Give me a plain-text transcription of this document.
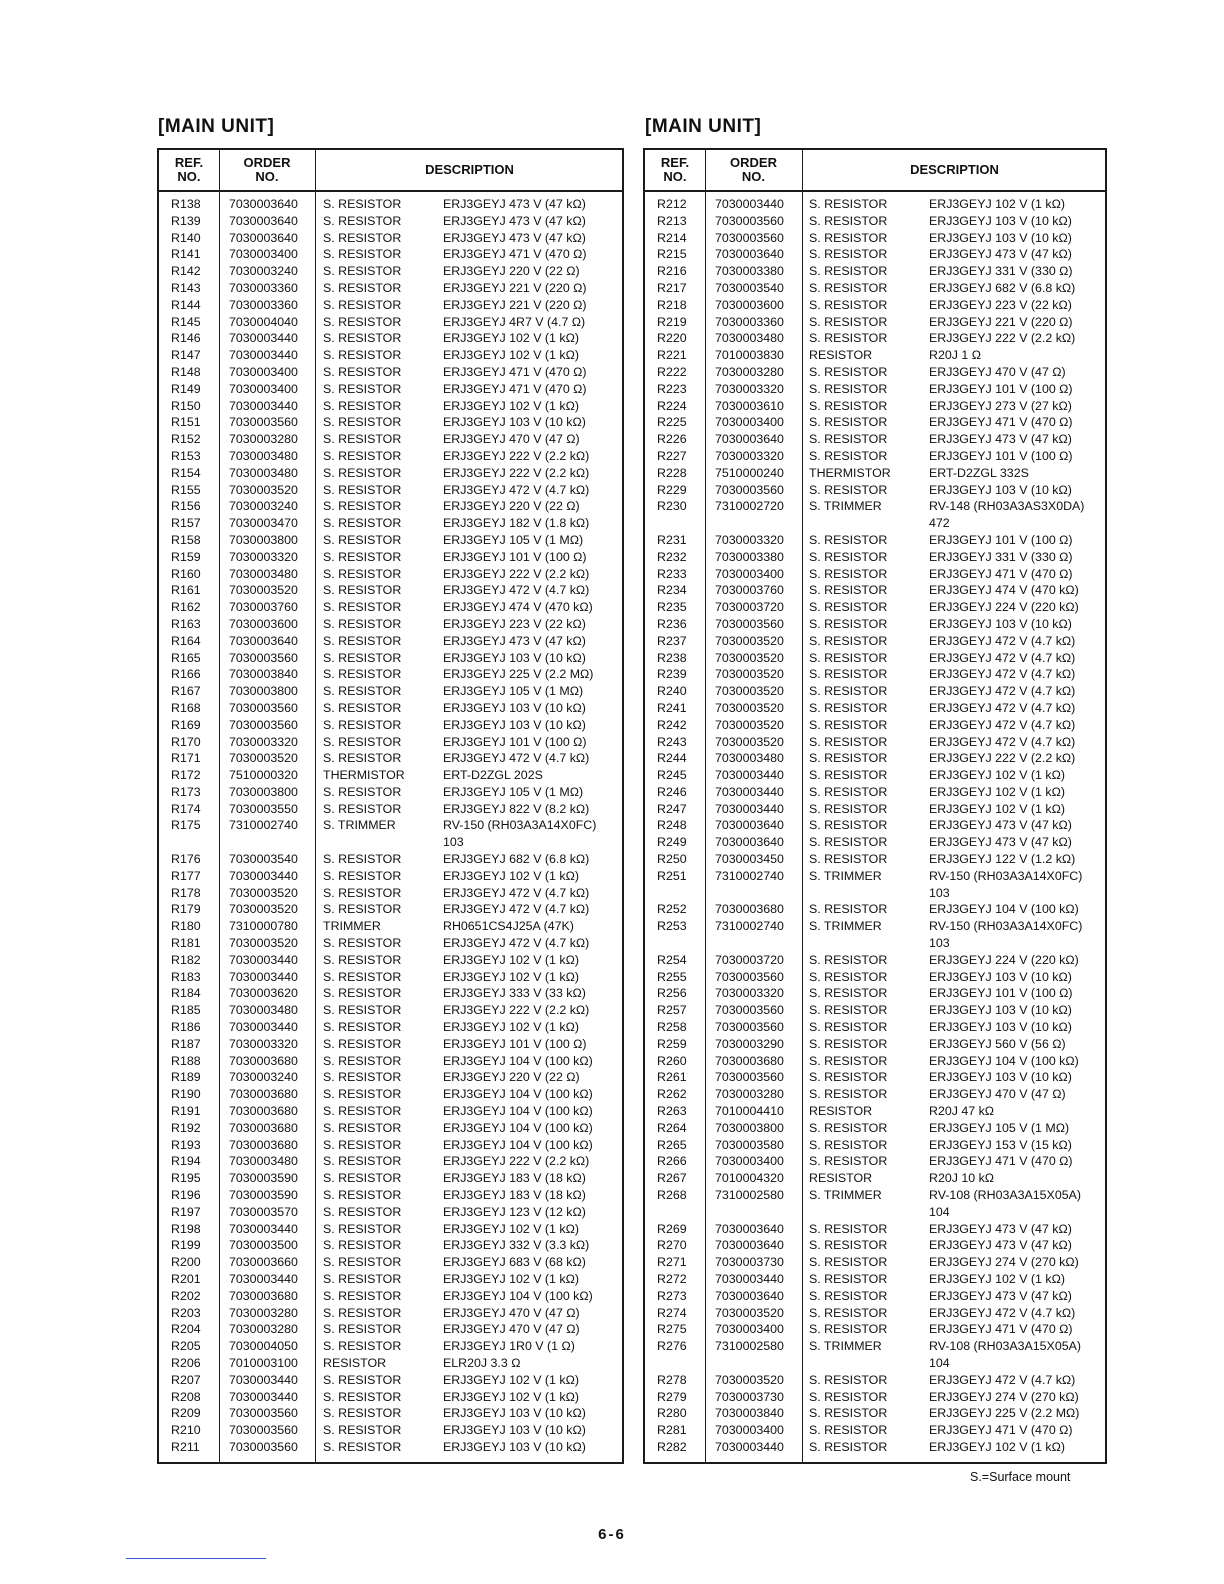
[MAIN UNIT]	[MAIN UNIT]
REF.
NO.
ORDER
NO.	DESCRIPTION
R138 7030003640 S. RESISTOR	ERJ3GEYJ 473 V (47 kΩ)
R139 7030003640 S. RESISTOR	ERJ3GEYJ 473 V (47 kΩ)
R140 7030003640 S. RESISTOR	ERJ3GEYJ 473 V (47 kΩ)
R141 7030003400 S. RESISTOR	ERJ3GEYJ 471 V (470 Ω)
R142 7030003240 S. RESISTOR	ERJ3GEYJ 220 V (22 Ω)
R143 7030003360 S. RESISTOR	ERJ3GEYJ 221 V (220 Ω)
R144 7030003360 S. RESISTOR	ERJ3GEYJ 221 V (220 Ω)
R145 7030004040 S. RESISTOR	ERJ3GEYJ 4R7 V (4.7 Ω)
R146 7030003440 S. RESISTOR	ERJ3GEYJ 102 V (1 kΩ)
R147 7030003440 S. RESISTOR	ERJ3GEYJ 102 V (1 kΩ)
R148 7030003400 S. RESISTOR	ERJ3GEYJ 471 V (470 Ω)
R149 7030003400 S. RESISTOR	ERJ3GEYJ 471 V (470 Ω)
R150 7030003440 S. RESISTOR	ERJ3GEYJ 102 V (1 kΩ)
R151 7030003560 S. RESISTOR	ERJ3GEYJ 103 V (10 kΩ)
R152 7030003280 S. RESISTOR	ERJ3GEYJ 470 V (47 Ω)
R153 7030003480 S. RESISTOR	ERJ3GEYJ 222 V (2.2 kΩ)
R154 7030003480 S. RESISTOR	ERJ3GEYJ 222 V (2.2 kΩ)
R155 7030003520 S. RESISTOR	ERJ3GEYJ 472 V (4.7 kΩ)
R156 7030003240 S. RESISTOR	ERJ3GEYJ 220 V (22 Ω)
R157 7030003470 S. RESISTOR	ERJ3GEYJ 182 V (1.8 kΩ)
R158 7030003800 S. RESISTOR	ERJ3GEYJ 105 V (1 MΩ)
R159 7030003320 S. RESISTOR	ERJ3GEYJ 101 V (100 Ω)
R160 7030003480 S. RESISTOR	ERJ3GEYJ 222 V (2.2 kΩ)
R161 7030003520 S. RESISTOR	ERJ3GEYJ 472 V (4.7 kΩ)
R162 7030003760 S. RESISTOR	ERJ3GEYJ 474 V (470 kΩ)
R163 7030003600 S. RESISTOR	ERJ3GEYJ 223 V (22 kΩ)
R164 7030003640 S. RESISTOR	ERJ3GEYJ 473 V (47 kΩ)
R165 7030003560 S. RESISTOR	ERJ3GEYJ 103 V (10 kΩ)
R166 7030003840 S. RESISTOR	ERJ3GEYJ 225 V (2.2 MΩ)
R167 7030003800 S. RESISTOR	ERJ3GEYJ 105 V (1 MΩ)
R168 7030003560 S. RESISTOR	ERJ3GEYJ 103 V (10 kΩ)
R169 7030003560 S. RESISTOR	ERJ3GEYJ 103 V (10 kΩ)
R170 7030003320 S. RESISTOR	ERJ3GEYJ 101 V (100 Ω)
R171 7030003520 S. RESISTOR	ERJ3GEYJ 472 V (4.7 kΩ)
R172 7510000320 THERMISTOR	ERT-D2ZGL 202S
R173 7030003800 S. RESISTOR	ERJ3GEYJ 105 V (1 MΩ)
R174 7030003550 S. RESISTOR	ERJ3GEYJ 822 V (8.2 kΩ)
R175 7310002740 S. TRIMMER	RV-150 (RH03A3A14X0FC)
103
R176 7030003540 S. RESISTOR	ERJ3GEYJ 682 V (6.8 kΩ)
R177 7030003440 S. RESISTOR	ERJ3GEYJ 102 V (1 kΩ)
R178 7030003520 S. RESISTOR	ERJ3GEYJ 472 V (4.7 kΩ)
R179 7030003520 S. RESISTOR	ERJ3GEYJ 472 V (4.7 kΩ)
R180 7310000780 TRIMMER	RH0651CS4J25A (47K)
R181 7030003520 S. RESISTOR	ERJ3GEYJ 472 V (4.7 kΩ)
R182 7030003440 S. RESISTOR	ERJ3GEYJ 102 V (1 kΩ)
R183 7030003440 S. RESISTOR	ERJ3GEYJ 102 V (1 kΩ)
R184 7030003620 S. RESISTOR	ERJ3GEYJ 333 V (33 kΩ)
R185 7030003480 S. RESISTOR	ERJ3GEYJ 222 V (2.2 kΩ)
R186 7030003440 S. RESISTOR	ERJ3GEYJ 102 V (1 kΩ)
R187 7030003320 S. RESISTOR	ERJ3GEYJ 101 V (100 Ω)
R188 7030003680 S. RESISTOR	ERJ3GEYJ 104 V (100 kΩ)
R189 7030003240 S. RESISTOR	ERJ3GEYJ 220 V (22 Ω)
R190 7030003680 S. RESISTOR	ERJ3GEYJ 104 V (100 kΩ)
R191 7030003680 S. RESISTOR	ERJ3GEYJ 104 V (100 kΩ)
R192 7030003680 S. RESISTOR	ERJ3GEYJ 104 V (100 kΩ)
R193 7030003680 S. RESISTOR	ERJ3GEYJ 104 V (100 kΩ)
R194 7030003480 S. RESISTOR	ERJ3GEYJ 222 V (2.2 kΩ)
R195 7030003590 S. RESISTOR	ERJ3GEYJ 183 V (18 kΩ)
R196 7030003590 S. RESISTOR	ERJ3GEYJ 183 V (18 kΩ)
R197 7030003570 S. RESISTOR	ERJ3GEYJ 123 V (12 kΩ)
R198 7030003440 S. RESISTOR	ERJ3GEYJ 102 V (1 kΩ)
R199 7030003500 S. RESISTOR	ERJ3GEYJ 332 V (3.3 kΩ)
R200 7030003660 S. RESISTOR	ERJ3GEYJ 683 V (68 kΩ)
R201 7030003440 S. RESISTOR	ERJ3GEYJ 102 V (1 kΩ)
R202 7030003680 S. RESISTOR	ERJ3GEYJ 104 V (100 kΩ)
R203 7030003280 S. RESISTOR	ERJ3GEYJ 470 V (47 Ω)
R204 7030003280 S. RESISTOR	ERJ3GEYJ 470 V (47 Ω)
R205 7030004050 S. RESISTOR	ERJ3GEYJ 1R0 V (1 Ω)
R206 7010003100 RESISTOR	ELR20J 3.3 Ω
R207 7030003440 S. RESISTOR	ERJ3GEYJ 102 V (1 kΩ)
R208 7030003440 S. RESISTOR	ERJ3GEYJ 102 V (1 kΩ)
R209 7030003560 S. RESISTOR	ERJ3GEYJ 103 V (10 kΩ)
R210 7030003560 S. RESISTOR	ERJ3GEYJ 103 V (10 kΩ)
R211 7030003560 S. RESISTOR	ERJ3GEYJ 103 V (10 kΩ)
REF.
NO.
ORDER
NO.	DESCRIPTION
R212 7030003440 S. RESISTOR	ERJ3GEYJ 102 V (1 kΩ)
R213 7030003560 S. RESISTOR	ERJ3GEYJ 103 V (10 kΩ)
R214 7030003560 S. RESISTOR	ERJ3GEYJ 103 V (10 kΩ)
R215 7030003640 S. RESISTOR	ERJ3GEYJ 473 V (47 kΩ)
R216 7030003380 S. RESISTOR	ERJ3GEYJ 331 V (330 Ω)
R217 7030003540 S. RESISTOR	ERJ3GEYJ 682 V (6.8 kΩ)
R218 7030003600 S. RESISTOR	ERJ3GEYJ 223 V (22 kΩ)
R219 7030003360 S. RESISTOR	ERJ3GEYJ 221 V (220 Ω)
R220 7030003480 S. RESISTOR	ERJ3GEYJ 222 V (2.2 kΩ)
R221 7010003830 RESISTOR	R20J 1 Ω
R222 7030003280 S. RESISTOR	ERJ3GEYJ 470 V (47 Ω)
R223 7030003320 S. RESISTOR	ERJ3GEYJ 101 V (100 Ω)
R224 7030003610 S. RESISTOR	ERJ3GEYJ 273 V (27 kΩ)
R225 7030003400 S. RESISTOR	ERJ3GEYJ 471 V (470 Ω)
R226 7030003640 S. RESISTOR	ERJ3GEYJ 473 V (47 kΩ)
R227 7030003320 S. RESISTOR	ERJ3GEYJ 101 V (100 Ω)
R228 7510000240 THERMISTOR	ERT-D2ZGL 332S
R229 7030003560 S. RESISTOR	ERJ3GEYJ 103 V (10 kΩ)
R230 7310002720 S. TRIMMER	RV-148 (RH03A3AS3X0DA)
472
R231 7030003320 S. RESISTOR	ERJ3GEYJ 101 V (100 Ω)
R232 7030003380 S. RESISTOR	ERJ3GEYJ 331 V (330 Ω)
R233 7030003400 S. RESISTOR	ERJ3GEYJ 471 V (470 Ω)
R234 7030003760 S. RESISTOR	ERJ3GEYJ 474 V (470 kΩ)
R235 7030003720 S. RESISTOR	ERJ3GEYJ 224 V (220 kΩ)
R236 7030003560 S. RESISTOR	ERJ3GEYJ 103 V (10 kΩ)
R237 7030003520 S. RESISTOR	ERJ3GEYJ 472 V (4.7 kΩ)
R238 7030003520 S. RESISTOR	ERJ3GEYJ 472 V (4.7 kΩ)
R239 7030003520 S. RESISTOR	ERJ3GEYJ 472 V (4.7 kΩ)
R240 7030003520 S. RESISTOR	ERJ3GEYJ 472 V (4.7 kΩ)
R241 7030003520 S. RESISTOR	ERJ3GEYJ 472 V (4.7 kΩ)
R242 7030003520 S. RESISTOR	ERJ3GEYJ 472 V (4.7 kΩ)
R243 7030003520 S. RESISTOR	ERJ3GEYJ 472 V (4.7 kΩ)
R244 7030003480 S. RESISTOR	ERJ3GEYJ 222 V (2.2 kΩ)
R245 7030003440 S. RESISTOR	ERJ3GEYJ 102 V (1 kΩ)
R246 7030003440 S. RESISTOR	ERJ3GEYJ 102 V (1 kΩ)
R247 7030003440 S. RESISTOR	ERJ3GEYJ 102 V (1 kΩ)
R248 7030003640 S. RESISTOR	ERJ3GEYJ 473 V (47 kΩ)
R249 7030003640 S. RESISTOR	ERJ3GEYJ 473 V (47 kΩ)
R250 7030003450 S. RESISTOR	ERJ3GEYJ 122 V (1.2 kΩ)
R251 7310002740 S. TRIMMER	RV-150 (RH03A3A14X0FC)
103
R252 7030003680 S. RESISTOR	ERJ3GEYJ 104 V (100 kΩ)
R253 7310002740 S. TRIMMER	RV-150 (RH03A3A14X0FC)
103
R254 7030003720 S. RESISTOR	ERJ3GEYJ 224 V (220 kΩ)
R255 7030003560 S. RESISTOR	ERJ3GEYJ 103 V (10 kΩ)
R256 7030003320 S. RESISTOR	ERJ3GEYJ 101 V (100 Ω)
R257 7030003560 S. RESISTOR	ERJ3GEYJ 103 V (10 kΩ)
R258 7030003560 S. RESISTOR	ERJ3GEYJ 103 V (10 kΩ)
R259 7030003290 S. RESISTOR	ERJ3GEYJ 560 V (56 Ω)
R260 7030003680 S. RESISTOR	ERJ3GEYJ 104 V (100 kΩ)
R261 7030003560 S. RESISTOR	ERJ3GEYJ 103 V (10 kΩ)
R262 7030003280 S. RESISTOR	ERJ3GEYJ 470 V (47 Ω)
R263 7010004410 RESISTOR	R20J 47 kΩ
R264 7030003800 S. RESISTOR	ERJ3GEYJ 105 V (1 MΩ)
R265 7030003580 S. RESISTOR	ERJ3GEYJ 153 V (15 kΩ)
R266 7030003400 S. RESISTOR	ERJ3GEYJ 471 V (470 Ω)
R267 7010004320 RESISTOR	R20J 10 kΩ
R268 7310002580 S. TRIMMER	RV-108 (RH03A3A15X05A)
104
R269 7030003640 S. RESISTOR	ERJ3GEYJ 473 V (47 kΩ)
R270 7030003640 S. RESISTOR	ERJ3GEYJ 473 V (47 kΩ)
R271 7030003730 S. RESISTOR	ERJ3GEYJ 274 V (270 kΩ)
R272 7030003440 S. RESISTOR	ERJ3GEYJ 102 V (1 kΩ)
R273 7030003640 S. RESISTOR	ERJ3GEYJ 473 V (47 kΩ)
R274 7030003520 S. RESISTOR	ERJ3GEYJ 472 V (4.7 kΩ)
R275 7030003400 S. RESISTOR	ERJ3GEYJ 471 V (470 Ω)
R276 7310002580 S. TRIMMER	RV-108 (RH03A3A15X05A)
104
R278 7030003520 S. RESISTOR	ERJ3GEYJ 472 V (4.7 kΩ)
R279 7030003730 S. RESISTOR	ERJ3GEYJ 274 V (270 kΩ)
R280 7030003840 S. RESISTOR	ERJ3GEYJ 225 V (2.2 MΩ)
R281 7030003400 S. RESISTOR	ERJ3GEYJ 471 V (470 Ω)
R282 7030003440 S. RESISTOR	ERJ3GEYJ 102 V (1 kΩ)
S.=Surface mount
6-6
